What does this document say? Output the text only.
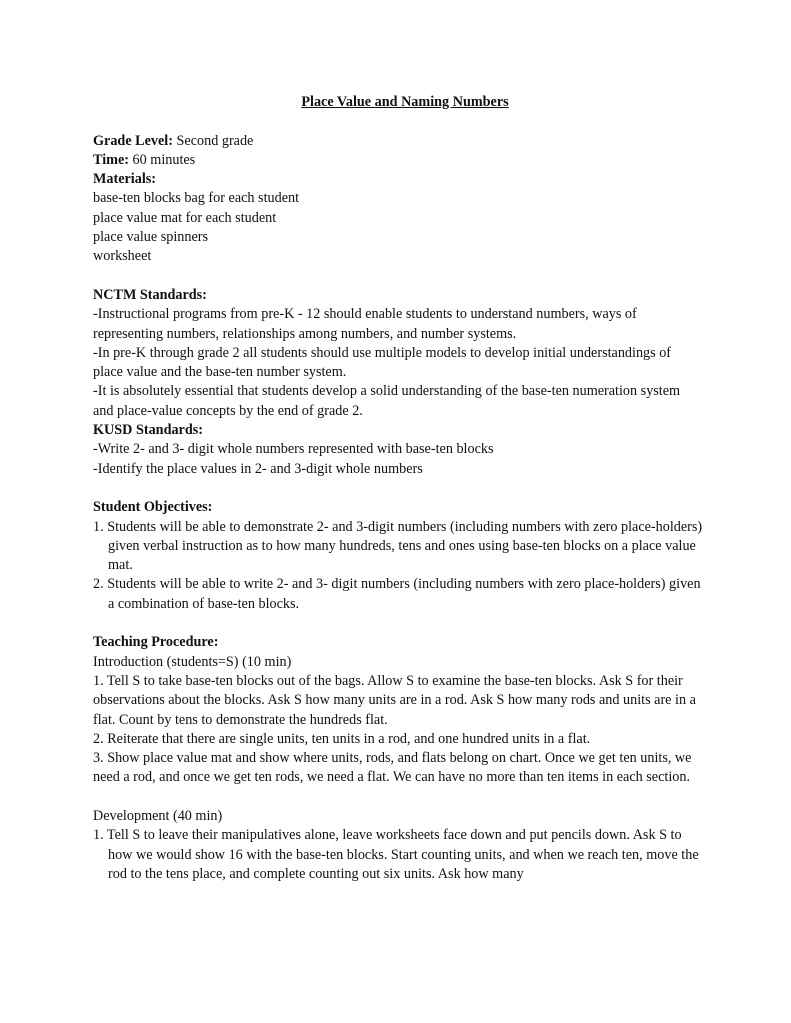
Place Value and Naming Numbers

Grade Level: Second grade

Time: 60 minutes

Materials:

base-ten blocks bag for each student

place value mat for each student

place value spinners

worksheet

NCTM Standards:

-Instructional programs from pre-K - 12 should enable students to understand numbers, ways of representing numbers, relationships among numbers, and number systems.

-In pre-K through grade 2 all students should use multiple models to develop initial understandings of place value and the base-ten number system.

-It is absolutely essential that students develop a solid understanding of the base-ten numeration system and place-value concepts by the end of grade 2.

KUSD Standards:

-Write 2- and 3- digit whole numbers represented with base-ten blocks

-Identify the place values in 2- and 3-digit whole numbers

Student Objectives:

1. Students will be able to demonstrate 2- and 3-digit numbers (including numbers with zero place-holders) given verbal instruction as to how many hundreds, tens and ones using base-ten blocks on a place value mat.

2. Students will be able to write 2- and 3- digit numbers (including numbers with zero place-holders) given a combination of base-ten blocks.

Teaching Procedure:

Introduction (students=S) (10 min)

1. Tell S to take base-ten blocks out of the bags. Allow S to examine the base-ten blocks. Ask S for their observations about the blocks. Ask S how many units are in a rod. Ask S how many rods and units are in a flat. Count by tens to demonstrate the hundreds flat.

2. Reiterate that there are single units, ten units in a rod, and one hundred units in a flat.

3. Show place value mat and show where units, rods, and flats belong on chart. Once we get ten units, we need a rod, and once we get ten rods, we need a flat. We can have no more than ten items in each section.

Development (40 min)

1. Tell S to leave their manipulatives alone, leave worksheets face down and put pencils down. Ask S to how we would show 16 with the base-ten blocks. Start counting units, and when we reach ten, move the rod to the tens place, and complete counting out six units. Ask how many
